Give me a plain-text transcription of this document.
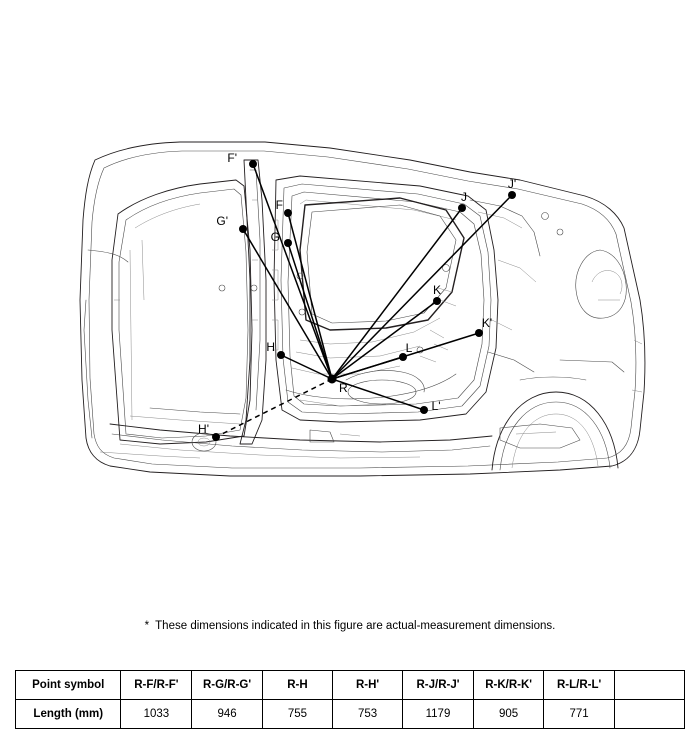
F'
G'
F
G
J
J'
K
K'
H	L
L'
H'
R
* These dimensions indicated in this figure are actual-measurement dimensions.
Point symbol	R-F/R-F'	R-G/R-G'	R-H	R-H'	R-J/R-J'	R-K/R-K'	R-L/R-L'	
Length (mm)	1033	946	755	753	1179	905	771	
